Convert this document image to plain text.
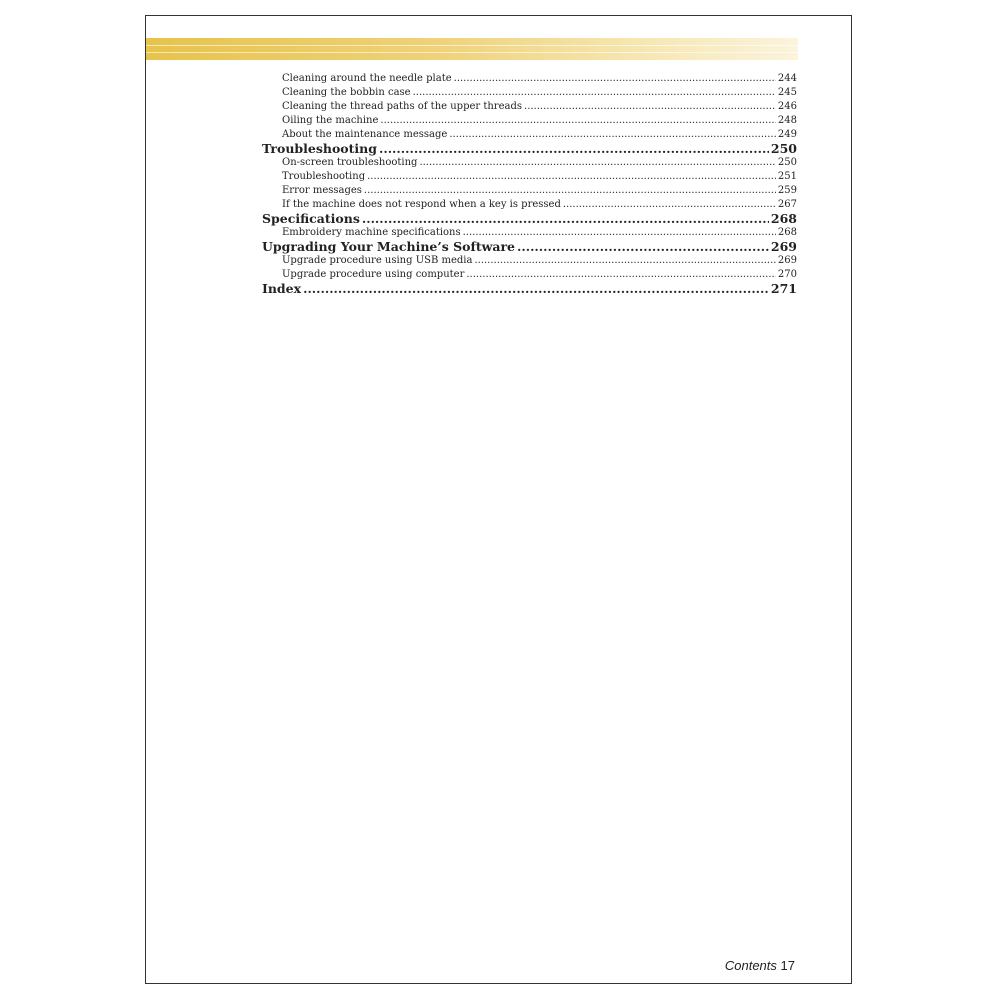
Cleaning around the needle plate .....	244
Cleaning the bobbin case .....	245
Cleaning the thread paths of the upper threads .....	246
Oiling the machine .....	248
About the maintenance message .....	249
Troubleshooting .....	250
On-screen troubleshooting .....	250
Troubleshooting .....	251
Error messages .....	259
If the machine does not respond when a key is pressed .....	267
Specifications .....	268
Embroidery machine specifications .....	268
Upgrading Your Machine’s Software .....	269
Upgrade procedure using USB media .....	269
Upgrade procedure using computer .....	270
Index .....	271
Contents 17
